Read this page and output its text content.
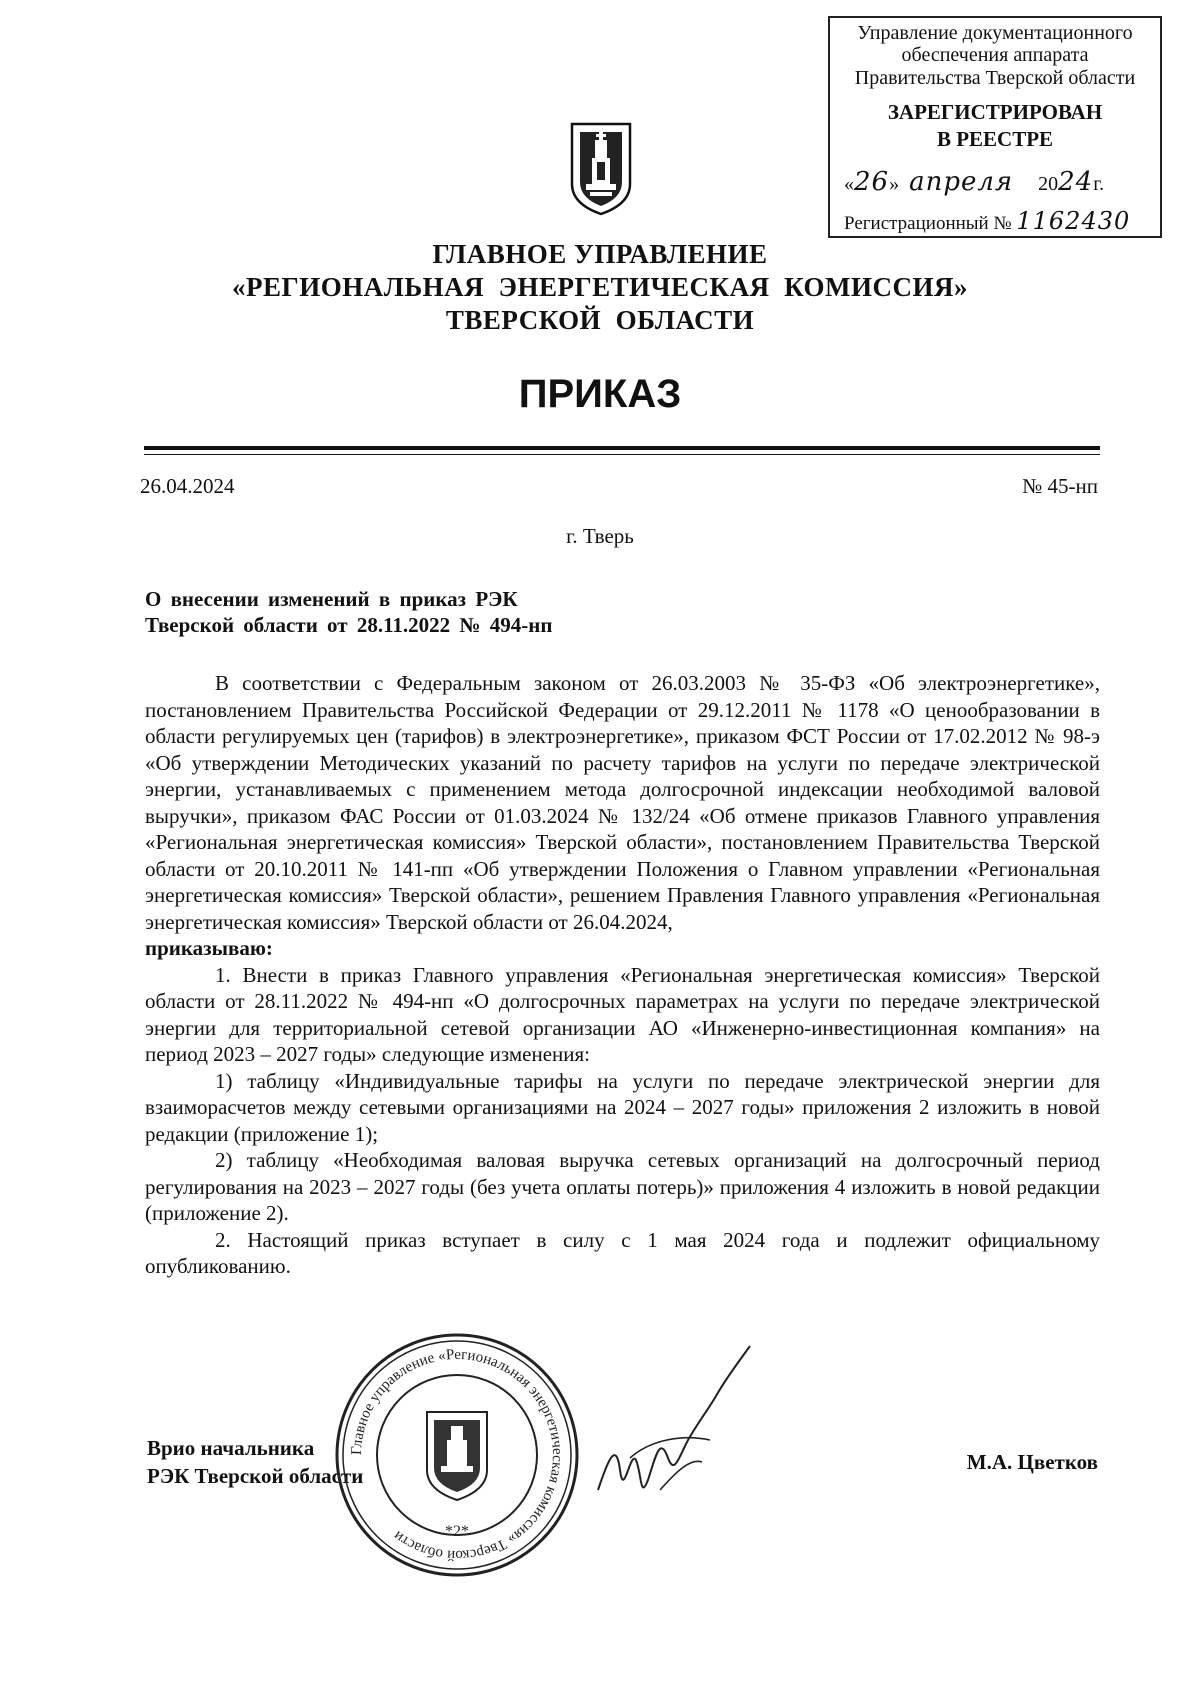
Управление документационного
обеспечения аппарата
Правительства Тверской области
ЗАРЕГИСТРИРОВАН
В РЕЕСТРЕ
«26»  апреля 2024г.
Регистрационный № 1162430
ГЛАВНОЕ УПРАВЛЕНИЕ
«РЕГИОНАЛЬНАЯ  ЭНЕРГЕТИЧЕСКАЯ  КОМИССИЯ»
ТВЕРСКОЙ  ОБЛАСТИ
ПРИКАЗ
26.04.2024	№ 45-нп
г. Тверь
О внесении изменений в приказ РЭК
Тверской области от 28.11.2022 № 494-нп

В соответствии с Федеральным законом от 26.03.2003 № 35-ФЗ «Об электроэнергетике», постановлением Правительства Российской Федерации от 29.12.2011 № 1178 «О ценообразовании в области регулируемых цен (тарифов) в электроэнергетике», приказом ФСТ России от 17.02.2012 № 98-э «Об утверждении Методических указаний по расчету тарифов на услуги по передаче электрической энергии, устанавливаемых с применением метода долгосрочной индексации необходимой валовой выручки», приказом ФАС России от 01.03.2024 № 132/24 «Об отмене приказов Главного управления «Региональная энергетическая комиссия» Тверской области», постановлением Правительства Тверской области от 20.10.2011 № 141-пп «Об утверждении Положения о Главном управлении «Региональная энергетическая комиссия» Тверской области», решением Правления Главного управления «Региональная энергетическая комиссия» Тверской области от 26.04.2024,

приказываю:

1. Внести в приказ Главного управления «Региональная энергетическая комиссия» Тверской области от 28.11.2022 № 494-нп «О долгосрочных параметрах на услуги по передаче электрической энергии для территориальной сетевой организации АО «Инженерно-инвестиционная компания» на период 2023 – 2027 годы» следующие изменения:

1) таблицу «Индивидуальные тарифы на услуги по передаче электрической энергии для взаиморасчетов между сетевыми организациями на 2024 – 2027 годы» приложения 2 изложить в новой редакции (приложение 1);

2) таблицу «Необходимая валовая выручка сетевых организаций на долгосрочный период регулирования на 2023 – 2027 годы (без учета оплаты потерь)» приложения 4 изложить в новой редакции (приложение 2).

2. Настоящий приказ вступает в силу с 1 мая 2024 года и подлежит официальному опубликованию.

Врио начальника
РЭК Тверской области
М.А. Цветков
Главное управление «Региональная энергетическая комиссия» Тверской области	*2*
